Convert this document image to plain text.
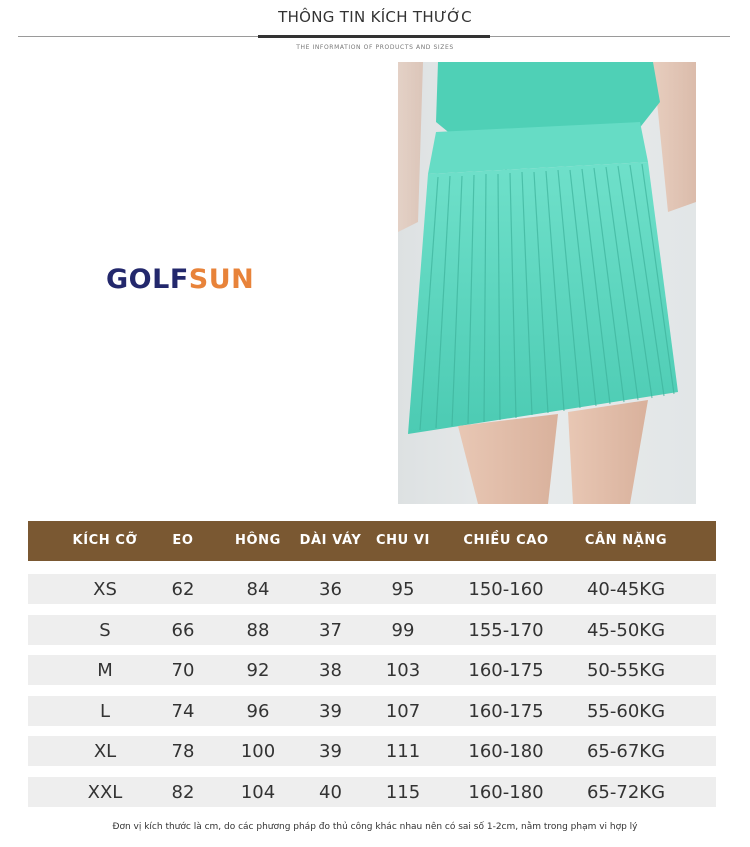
THÔNG TIN KÍCH THƯỚC
THE INFORMATION OF PRODUCTS AND SIZES
GOLFSUN
KÍCH CỠ	EO	HÔNG	DÀI VÁY	CHU VI	CHIỀU CAO	CÂN NẶNG
XS	62	84	36	95	150-160	40-45KG
S	66	88	37	99	155-170	45-50KG
M	70	92	38	103	160-175	50-55KG
L	74	96	39	107	160-175	55-60KG
XL	78	100	39	111	160-180	65-67KG
XXL	82	104	40	115	160-180	65-72KG
Đơn vị kích thước là cm, do các phương pháp đo thủ công khác nhau nên có sai số 1-2cm, nằm trong phạm vi hợp lý
